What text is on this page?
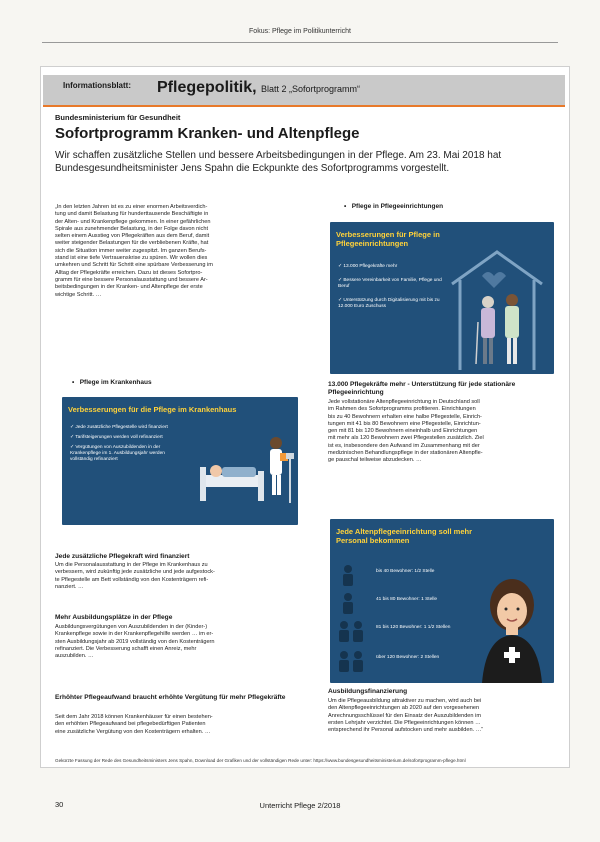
Fokus: Pflege im Politikunterricht
Informationsblatt: Pflegepolitik, Blatt 2 „Sofortprogramm“
Bundesministerium für Gesundheit
Sofortprogramm Kranken- und Altenpflege
Wir schaffen zusätzliche Stellen und bessere Arbeitsbedingungen in der Pflege. Am 23. Mai 2018 hat Bundesgesundheitsminister Jens Spahn die Eckpunkte des Sofortprogramms vorgestellt.
„In den letzten Jahren ist es zu einer enormen Arbeitsverdich-
tung und damit Belastung für hunderttausende Beschäftigte in
der Alten- und Krankenpflege gekommen. In einer gefährlichen
Spirale aus zunehmender Belastung, in der Folge davon nicht
selten einem Ausstieg von Pflegekräften aus dem Beruf, damit
weiter steigender Belastungen für die verbliebenen Kräfte, hat
sich die Situation immer weiter zugespitzt. Im ganzen Berufs-
stand ist eine tiefe Vertrauenskrise zu spüren. Wir wollen dies
umkehren und Schritt für Schritt eine spürbare Verbesserung im
Alltag der Pflegekräfte erreichen. Dazu ist dieses Sofortpro-
gramm für eine bessere Personalausstattung und bessere Ar-
beitsbedingungen in der Kranken- und Altenpflege der erste
wichtige Schritt. …
•   Pflege im Krankenhaus
Verbesserungen für die Pflege im Krankenhaus
✓ Jede zusätzliche Pflegestelle wird finanziert
✓ Tarifsteigerungen werden voll refinanziert
✓ Vergütungen von Auszubildenden in der Krankenpflege im 1. Ausbildungsjahr werden vollständig refinanziert
Jede zusätzliche Pflegekraft wird finanziert
Um die Personalausstattung in der Pflege im Krankenhaus zu
verbessern, wird zukünftig jede zusätzliche und jede aufgestock-
te Pflegestelle am Bett vollständig von den Kostenträgern refi-
nanziert. …
Mehr Ausbildungsplätze in der Pflege
Ausbildungsvergütungen von Auszubildenden in der (Kinder-)
Krankenpflege sowie in der Krankenpflegehilfe werden … im er-
sten Ausbildungsjahr ab 2019 vollständig von den Kostenträgern
refinanziert. Die Verbesserung schafft einen Anreiz, mehr
auszubilden. …
Erhöhter Pflegeaufwand braucht erhöhte Vergütung für mehr Pflegekräfte
Seit dem Jahr 2018 können Krankenhäuser für einen bestehen-
den erhöhten Pflegeaufwand bei pflegebedürftigen Patienten
eine zusätzliche Vergütung von den Kostenträgern erhalten. …
•   Pflege in Pflegeeinrichtungen
Verbesserungen für Pflege in Pflegeeinrichtungen
✓ 13.000 Pflegekräfte mehr
✓ Bessere Vereinbarkeit von Familie, Pflege und Beruf
✓ Unterstützung durch Digitalisierung mit bis zu 12.000 Euro Zuschuss
13.000 Pflegekräfte mehr - Unterstützung für jede stationäre Pflegeeinrichtung
Jede vollstationäre Altenpflegeeinrichtung in Deutschland soll
im Rahmen des Sofortprogramms profitieren. Einrichtungen
bis zu 40 Bewohnern erhalten eine halbe Pflegestelle, Einrich-
tungen mit 41 bis 80 Bewohnern eine Pflegestelle, Einrichtun-
gen mit 81 bis 120 Bewohnern eineinhalb und Einrichtungen
mit mehr als 120 Bewohnern zwei Pflegestellen zusätzlich. Ziel
ist es, insbesondere den Aufwand im Zusammenhang mit der
medizinischen Behandlungspflege in der stationären Altenpfle-
ge pauschal teilweise abzudecken. …
Jede Altenpflegeeinrichtung soll mehr Personal bekommen
bis 40 Bewohner: 1/2 Stelle
41 bis 80 Bewohner: 1 Stelle
81 bis 120 Bewohner: 1 1/2 Stellen
über 120 Bewohner: 2 Stellen
Ausbildungsfinanzierung
Um die Pflegeausbildung attraktiver zu machen, wird auch bei
den Altenpflegeeinrichtungen ab 2020 auf den vorgesehenen
Anrechnungsschlüssel für den Einsatz der Auszubildenden im
ersten Lehrjahr verzichtet. Die Pflegeeinrichtungen können …
entsprechend ihr Personal aufstocken und mehr ausbilden. …“
Gekürzte Fassung der Rede des Gesundheitsministers Jens Spahn, Download der Grafiken und der vollständigen Rede unter: https://www.bundesgesundheitsministerium.de/sofortprogramm-pflege.html
30	Unterricht Pflege 2/2018
